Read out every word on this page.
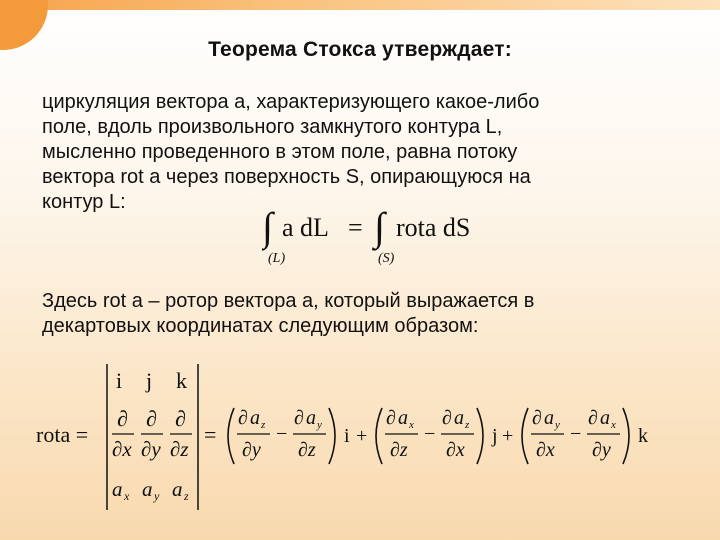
Теорема Стокса утверждает:
циркуляция вектора a, характеризующего какое-либо
поле, вдоль произвольного замкнутого контура L,
мысленно проведенного в этом поле, равна потоку
вектора rot a через поверхность S, опирающуюся на
контур L:
∫ a dL = ∫ rota dS
(L)	(S)
Здесь rot a – ротор вектора a, который выражается в
декартовых координатах следующим образом:
rota =
i j k
∂ ∂ ∂
∂x ∂y ∂z
a x a y a z
=
∂ a z
∂y
−
∂ a y
∂z
i +
∂ a x
∂z
−
∂ a z
∂x
j +
∂ a y
∂x
−
∂ a x
∂y
k
